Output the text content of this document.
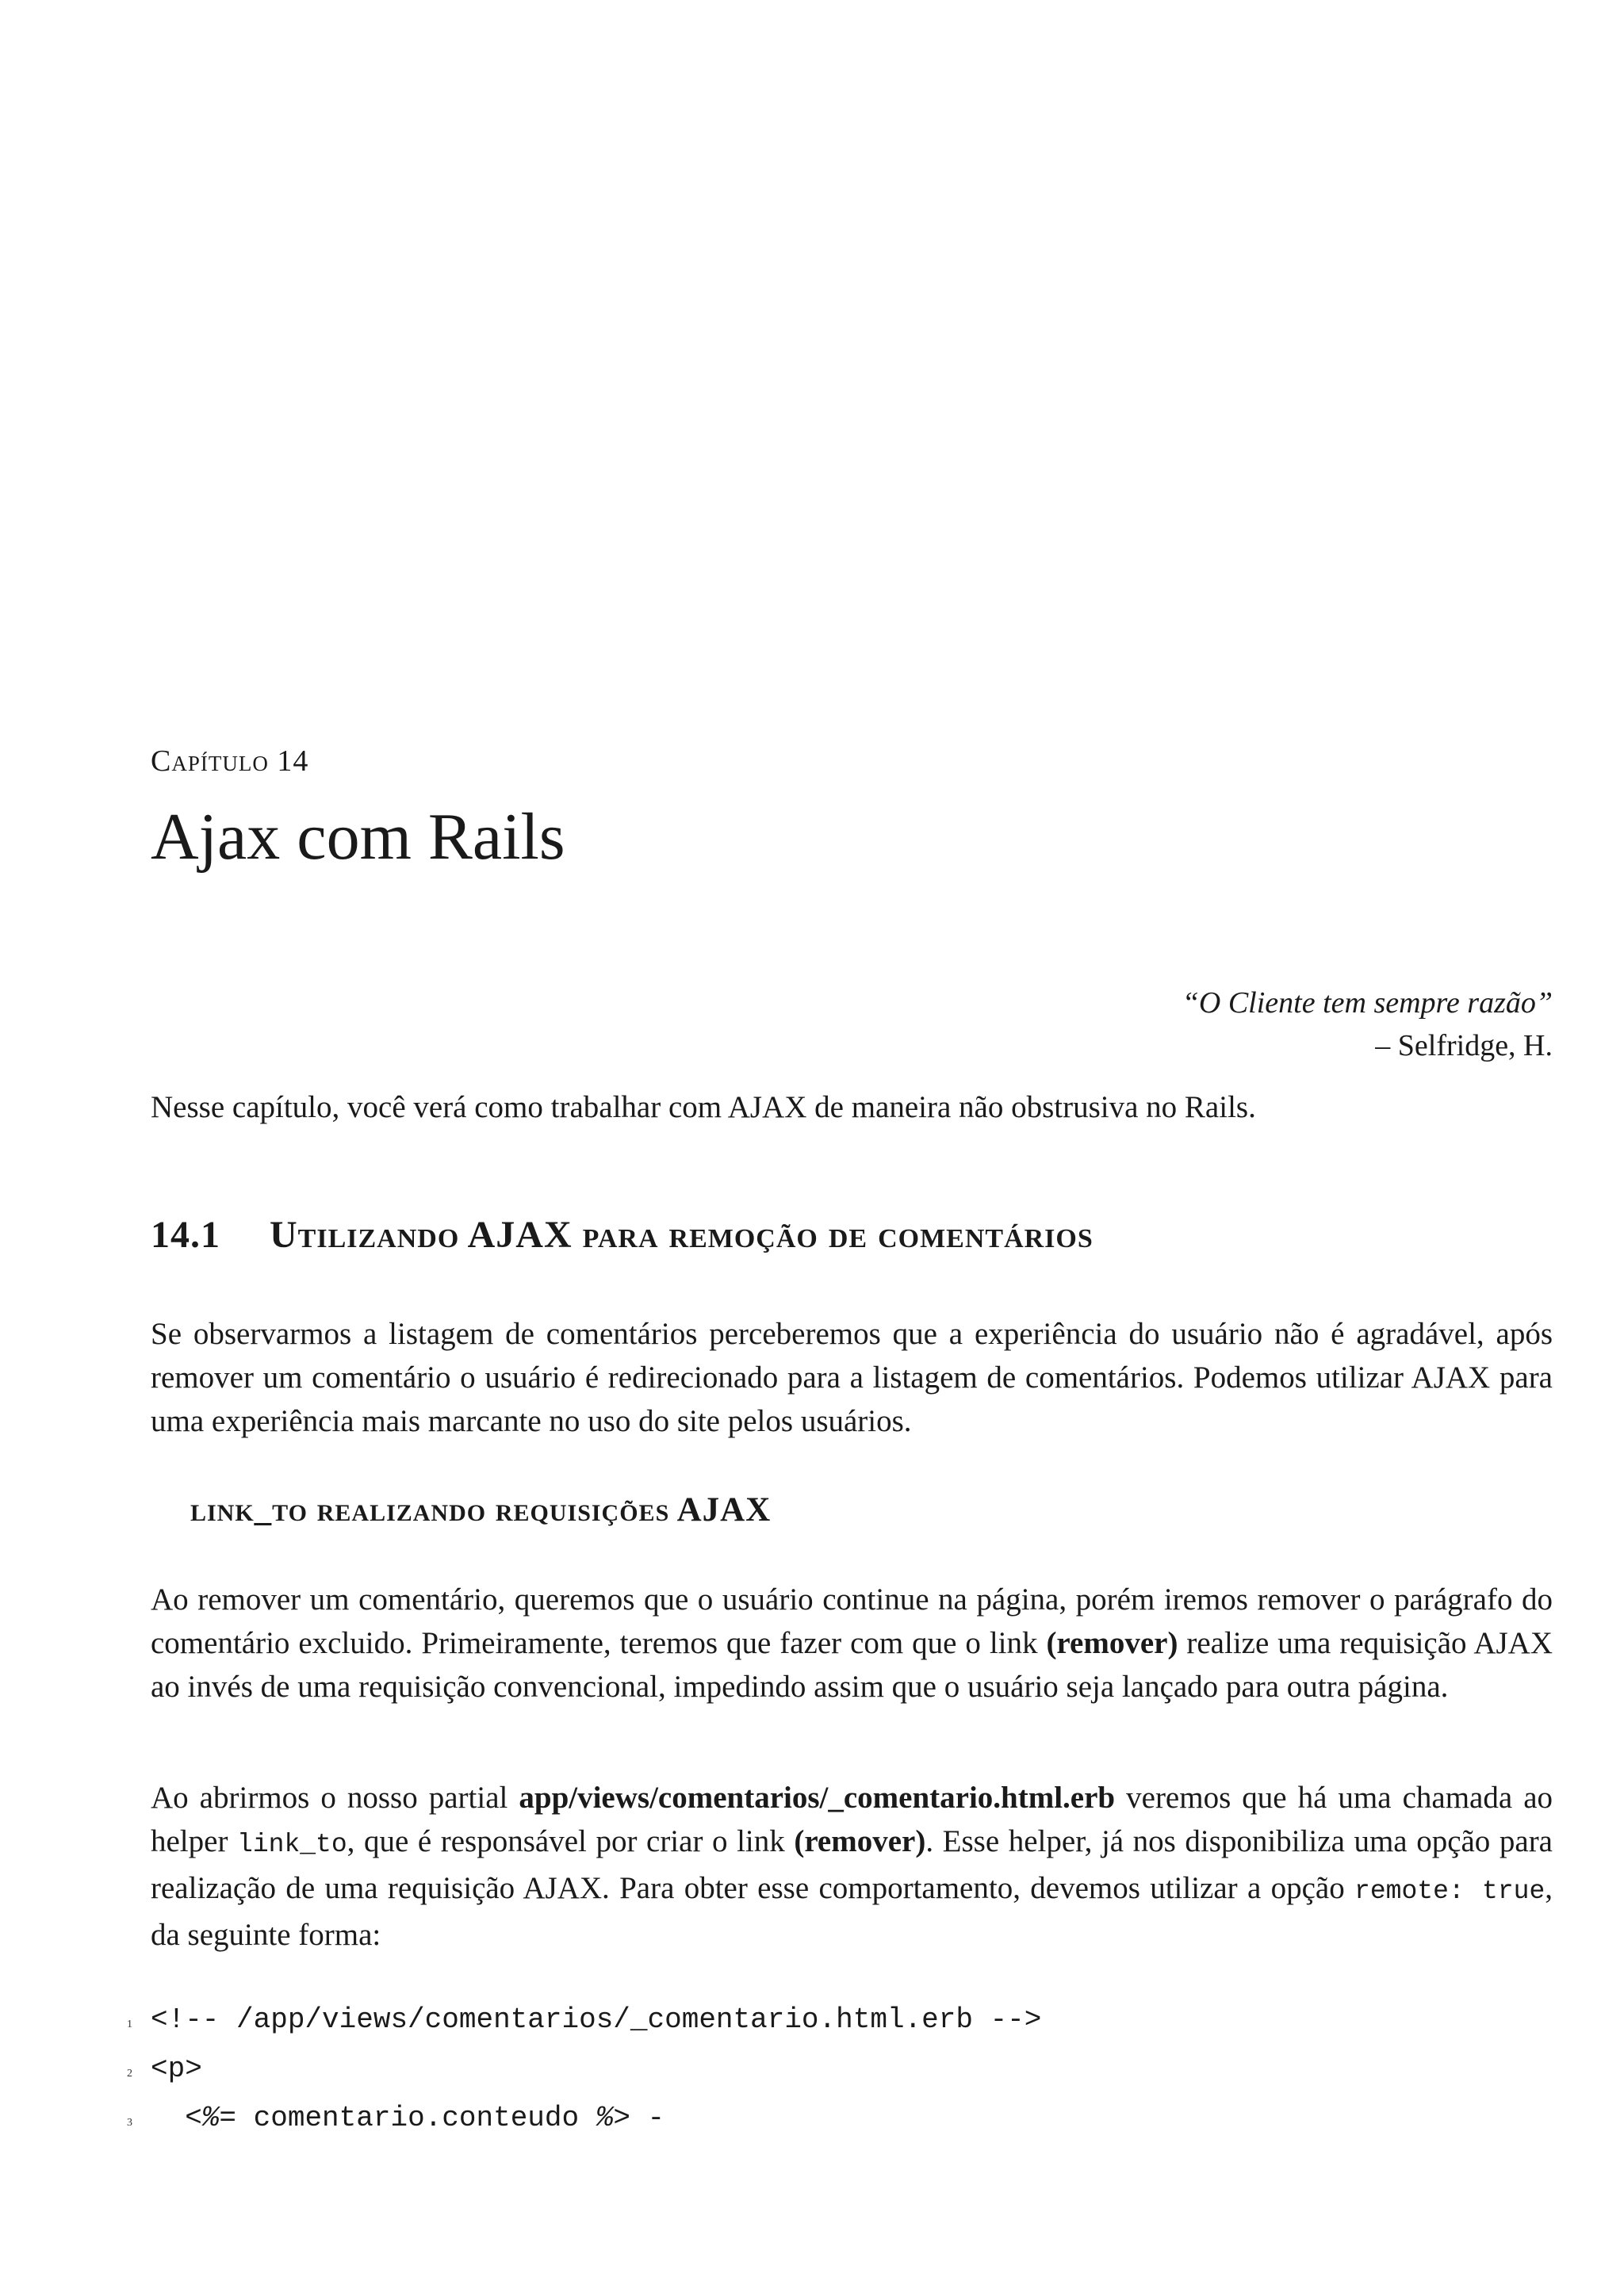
Capítulo 14
Ajax com Rails
“O Cliente tem sempre razão”
– Selfridge, H.

Nesse capítulo, você verá como trabalhar com AJAX de maneira não obstrusiva no Rails.

14.1 Utilizando AJAX para remoção de comentários

Se observarmos a listagem de comentários perceberemos que a experiência do usuário não é agradável, após remover um comentário o usuário é redirecionado para a listagem de comentários. Podemos utilizar AJAX para uma experiência mais marcante no uso do site pelos usuários.

link_to realizando requisições AJAX

Ao remover um comentário, queremos que o usuário continue na página, porém iremos remover o parágrafo do comentário excluido. Primeiramente, teremos que fazer com que o link (remover) realize uma requisição AJAX ao invés de uma requisição convencional, impedindo assim que o usuário seja lançado para outra página.

Ao abrirmos o nosso partial app/views/comentarios/_comentario.html.erb veremos que há uma chamada ao helper link_to, que é responsável por criar o link (remover). Esse helper, já nos disponibiliza uma opção para realização de uma requisição AJAX. Para obter esse comportamento, devemos utilizar a opção remote: true, da seguinte forma:

1 <!-- /app/views/comentarios/_comentario.html.erb -->
2 <p>
3 <%= comentario.conteudo %> -
